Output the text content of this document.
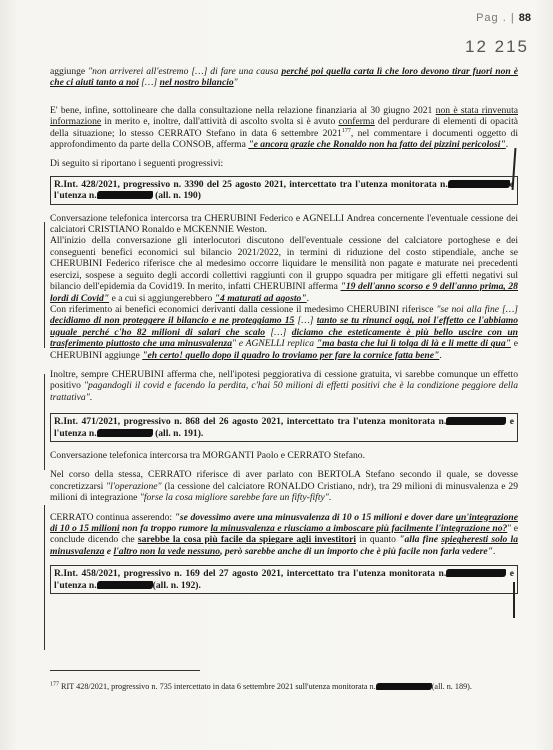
Pag . | 88
12 215

aggiunge "non arriverei all'estremo […] di fare una causa perché poi quella carta lì che loro devono tirar fuori non è che ci aiuti tanto a noi […] nel nostro bilancio"

E' bene, infine, sottolineare che dalla consultazione nella relazione finanziaria al 30 giugno 2021 non è stata rinvenuta informazione in merito e, inoltre, dall'attività di ascolto svolta si è avuto conferma del perdurare di elementi di opacità della situazione; lo stesso CERRATO Stefano in data 6 settembre 2021$^{177}$, nel commentare i documenti oggetto di approfondimento da parte della CONSOB, afferma "e ancora grazie che Ronaldo non ha fatto dei pizzini pericolosi".

Di seguito si riportano i seguenti progressivi:

R.Int. 428/2021, progressivo n. 3390 del 25 agosto 2021, intercettato tra l'utenza monitorata n.	e l'utenza n.	(all. n. 190)

Conversazione telefonica intercorsa tra CHERUBINI Federico e AGNELLI Andrea concernente l'eventuale cessione dei calciatori CRISTIANO Ronaldo e MCKENNIE Weston.

All'inizio della conversazione gli interlocutori discutono dell'eventuale cessione del calciatore portoghese e dei conseguenti benefici economici sul bilancio 2021/2022, in termini di riduzione del costo stipendiale, anche se CHERUBINI Federico riferisce che al medesimo occorre liquidare le mensilità non pagate e maturate nei precedenti esercizi, sospese a seguito degli accordi collettivi raggiunti con il gruppo squadra per mitigare gli effetti negativi sul bilancio dell'epidemia da Covid19. In merito, infatti CHERUBINI afferma "19 dell'anno scorso e 9 dell'anno prima, 28 lordi di Covid" e a cui si aggiungerebbero "4 maturati ad agosto".

Con riferimento ai benefici economici derivanti dalla cessione il medesimo CHERUBINI riferisce "se noi alla fine […] decidiamo di non proteggere il bilancio e ne proteggiamo 15 […] tanto se tu rinunci oggi, noi l'effetto ce l'abbiamo uguale perché c'ho 82 milioni di salari che scalo […] diciamo che esteticamente è più bello uscire con un trasferimento piuttosto che una minusvalenza" e AGNELLI replica "ma basta che lui lì tolga di là e li mette di qua" e CHERUBINI aggiunge "eh certo! quello dopo il quadro lo troviamo per fare la cornice fatta bene".

Inoltre, sempre CHERUBINI afferma che, nell'ipotesi peggiorativa di cessione gratuita, vi sarebbe comunque un effetto positivo "pagandogli il covid e facendo la perdita, c'hai 50 milioni di effetti positivi che è la condizione peggiore della trattativa".

R.Int. 471/2021, progressivo n. 868 del 26 agosto 2021, intercettato tra l'utenza monitorata n.	e l'utenza n.	(all. n. 191).

Conversazione telefonica intercorsa tra MORGANTI Paolo e CERRATO Stefano.

Nel corso della stessa, CERRATO riferisce di aver parlato con BERTOLA Stefano secondo il quale, se dovesse concretizzarsi "l'operazione" (la cessione del calciatore RONALDO Cristiano, ndr), tra 29 milioni di minusvalenza e 29 milioni di integrazione "forse la cosa migliore sarebbe fare un fifty-fifty".

CERRATO continua asserendo: "se dovessimo avere una minusvalenza di 10 o 15 milioni e dover dare un'integrazione di 10 o 15 milioni non fa troppo rumore la minusvalenza e riusciamo a imboscare più facilmente l'integrazione no?" e conclude dicendo che sarebbe la cosa più facile da spiegare agli investitori in quanto "alla fine spiegheresti solo la minusvalenza e l'altro non la vede nessuno, però sarebbe anche di un importo che è più facile non farla vedere".

R.Int. 458/2021, progressivo n. 169 del 27 agosto 2021, intercettato tra l'utenza monitorata n.	e l'utenza n.	(all. n. 192).
$^{177}$ RIT 428/2021, progressivo n. 735 intercettato in data 6 settembre 2021 sull'utenza monitorata n.	(all. n. 189).
